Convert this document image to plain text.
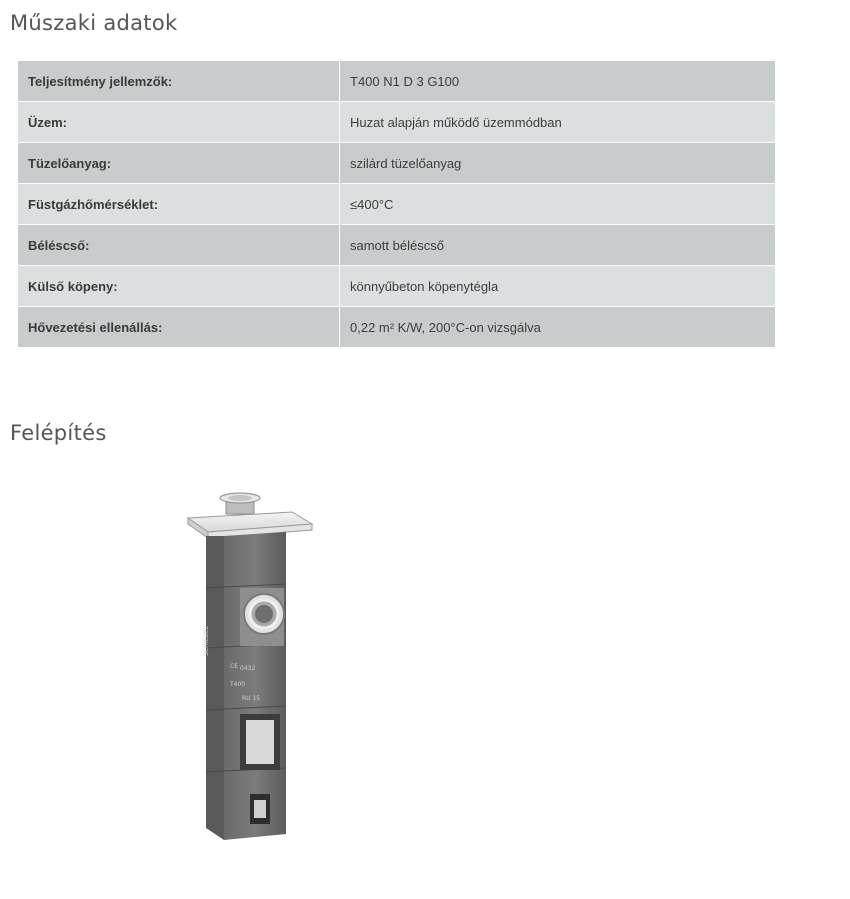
Műszaki adatok
Teljesítmény jellemzők:	T400 N1 D 3 G100
Üzem:	Huzat alapján működő üzemmódban
Tüzelőanyag:	szilárd tüzelőanyag
Füstgázhőmérséklet:	≤400°C
Béléscső:	samott béléscső
Külső köpeny:	könnyűbeton köpenytégla
Hővezetési ellenállás:	0,22 m² K/W, 200°C-on vizsgálva
Felépítés
SCHIEDEL
CE 0432
T400
RU 15
